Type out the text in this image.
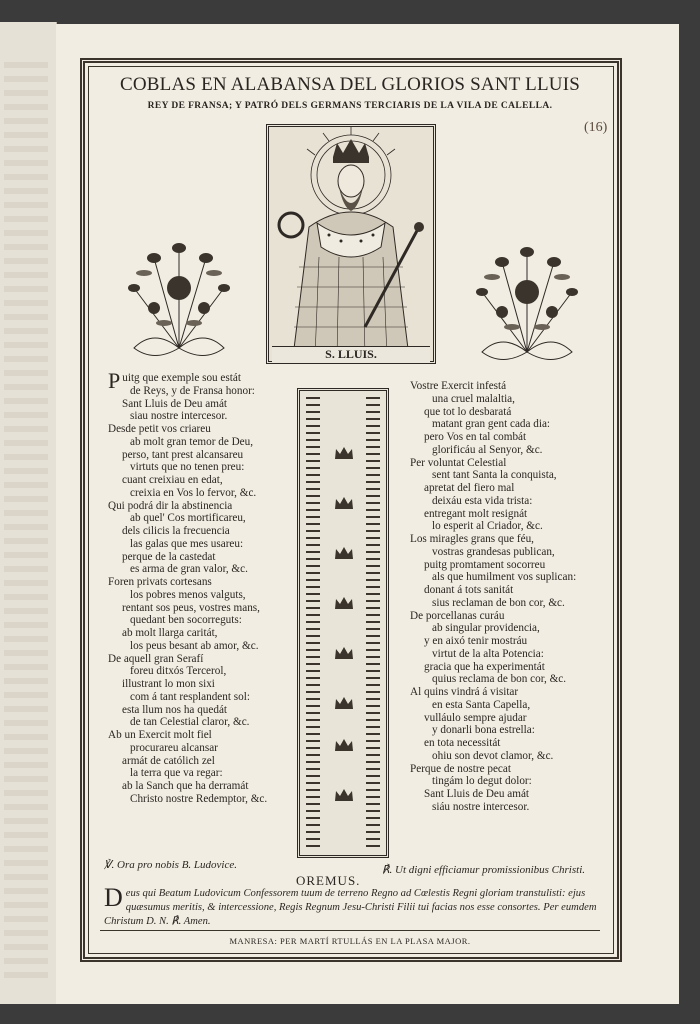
COBLAS EN ALABANSA DEL GLORIOS SANT LLUIS
REY DE FRANSA; Y PATRÓ DELS GERMANS TERCIARIS DE LA VILA DE CALELLA.
(16)
S. LLUIS.
Puitg que exemple sou estát
de Reys, y de Fransa honor:
Sant Lluis de Deu amát
siau nostre intercesor.
Desde petit vos criareu
ab molt gran temor de Deu,
perso, tant prest alcansareu
virtuts que no tenen preu:
cuant creixiau en edat,
creixia en Vos lo fervor, &c.
Qui podrá dir la abstinencia
ab quel' Cos mortificareu,
dels cilicis la frecuencia
las galas que mes usareu:
perque de la castedat
es arma de gran valor, &c.
Foren privats cortesans
los pobres menos valguts,
rentant sos peus, vostres mans,
quedant ben socorreguts:
ab molt llarga caritát,
los peus besant ab amor, &c.
De aquell gran Serafí
foreu ditxós Tercerol,
illustrant lo mon sixi
com á tant resplandent sol:
esta llum nos ha quedát
de tan Celestial claror, &c.
Ab un Exercit molt fiel
procurareu alcansar
armát de católich zel
la terra que va regar:
ab la Sanch que ha derramát
Christo nostre Redemptor, &c.
Vostre Exercit infestá
una cruel malaltia,
que tot lo desbaratá
matant gran gent cada dia:
pero Vos en tal combát
glorificáu al Senyor, &c.
Per voluntat Celestial
sent tant Santa la conquista,
apretat del fiero mal
deixáu esta vida trista:
entregant molt resignát
lo esperit al Criador, &c.
Los miragles grans que féu,
vostras grandesas publican,
puitg promtament socorreu
als que humilment vos suplican:
donant á tots sanitát
sius reclaman de bon cor, &c.
De porcellanas curáu
ab singular providencia,
y en aixó tenir mostráu
virtut de la alta Potencia:
gracia que ha experimentát
quius reclama de bon cor, &c.
Al quins vindrá á visitar
en esta Santa Capella,
vulláulo sempre ajudar
y donarli bona estrella:
en tota necessitát
ohiu son devot clamor, &c.
Perque de nostre pecat
tingám lo degut dolor:
Sant Lluis de Deu amát
siáu nostre intercesor.
℣. Ora pro nobis B. Ludovice.	℟. Ut digni efficiamur promissionibus Christi.
OREMUS.
Deus qui Beatum Ludovicum Confessorem tuum de terreno Regno ad Cœlestis Regni gloriam transtulisti: ejus quæsumus meritis, & intercessione, Regis Regnum Jesu-Christi Filii tui facias nos esse consortes. Per eumdem Christum D. N. ℟. Amen.
MANRESA: PER MARTÍ RTULLÁS EN LA PLASA MAJOR.
